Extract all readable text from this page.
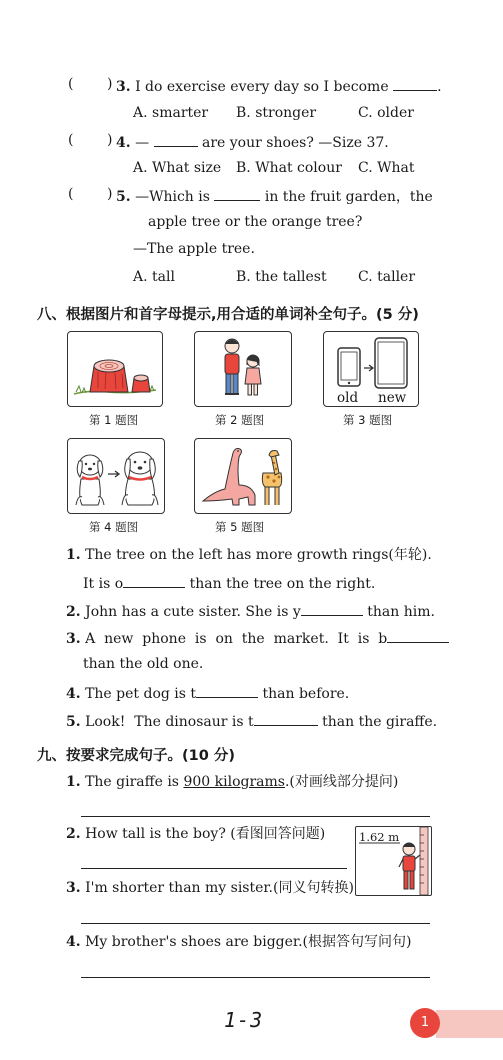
( ) 3. I do exercise every day so I become	.
A. smarter B. stronger	C. older
( ) 4. —	are your shoes? —Size 37.
A. What size B. What colour C. What
( ) 5. —Which is	in the fruit garden，the
apple tree or the orange tree?
—The apple tree.
A. tall	B. the tallest C. taller
八、根据图片和首字母提示,用合适的单词补全句子。(5 分)
第 1 题图	第 2 题图
old new
第 3 题图
第 4 题图	第 5 题图
1. The tree on the left has more growth rings(年轮).
It is o	than the tree on the right.
2. John has a cute sister. She is y	than him.
3. A  new  phone  is  on  the  market.  It  is  b
than the old one.
4. The pet dog is t	than before.
5. Look!  The dinosaur is t	than the giraffe.
九、按要求完成句子。(10 分)
1. The giraffe is 900 kilograms.(对画线部分提问)
2. How tall is the boy? (看图回答问题)	1.62 m
3. I'm shorter than my sister.(同义句转换)
4. My brother's shoes are bigger.(根据答句写问句)
1-3	1
